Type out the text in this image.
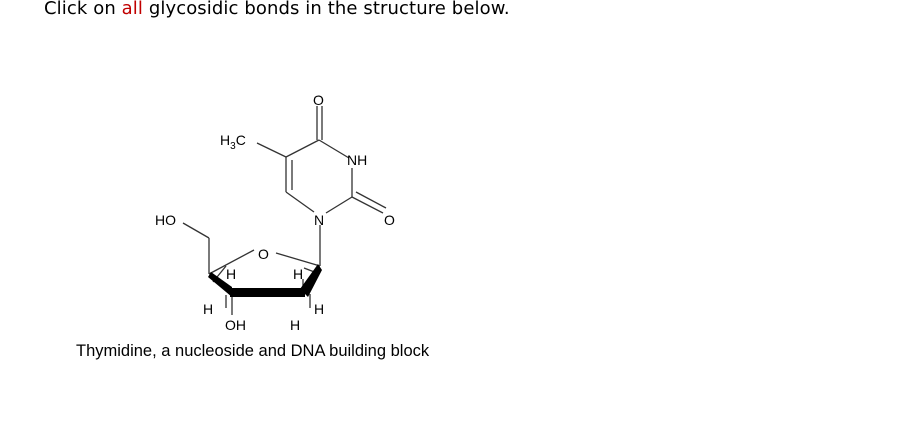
Click on all glycosidic bonds in the structure below.
O
$H_3C$
NH
N	O
HO
O
H	H
H	H
OH	H
Thymidine, a nucleoside and DNA building block
